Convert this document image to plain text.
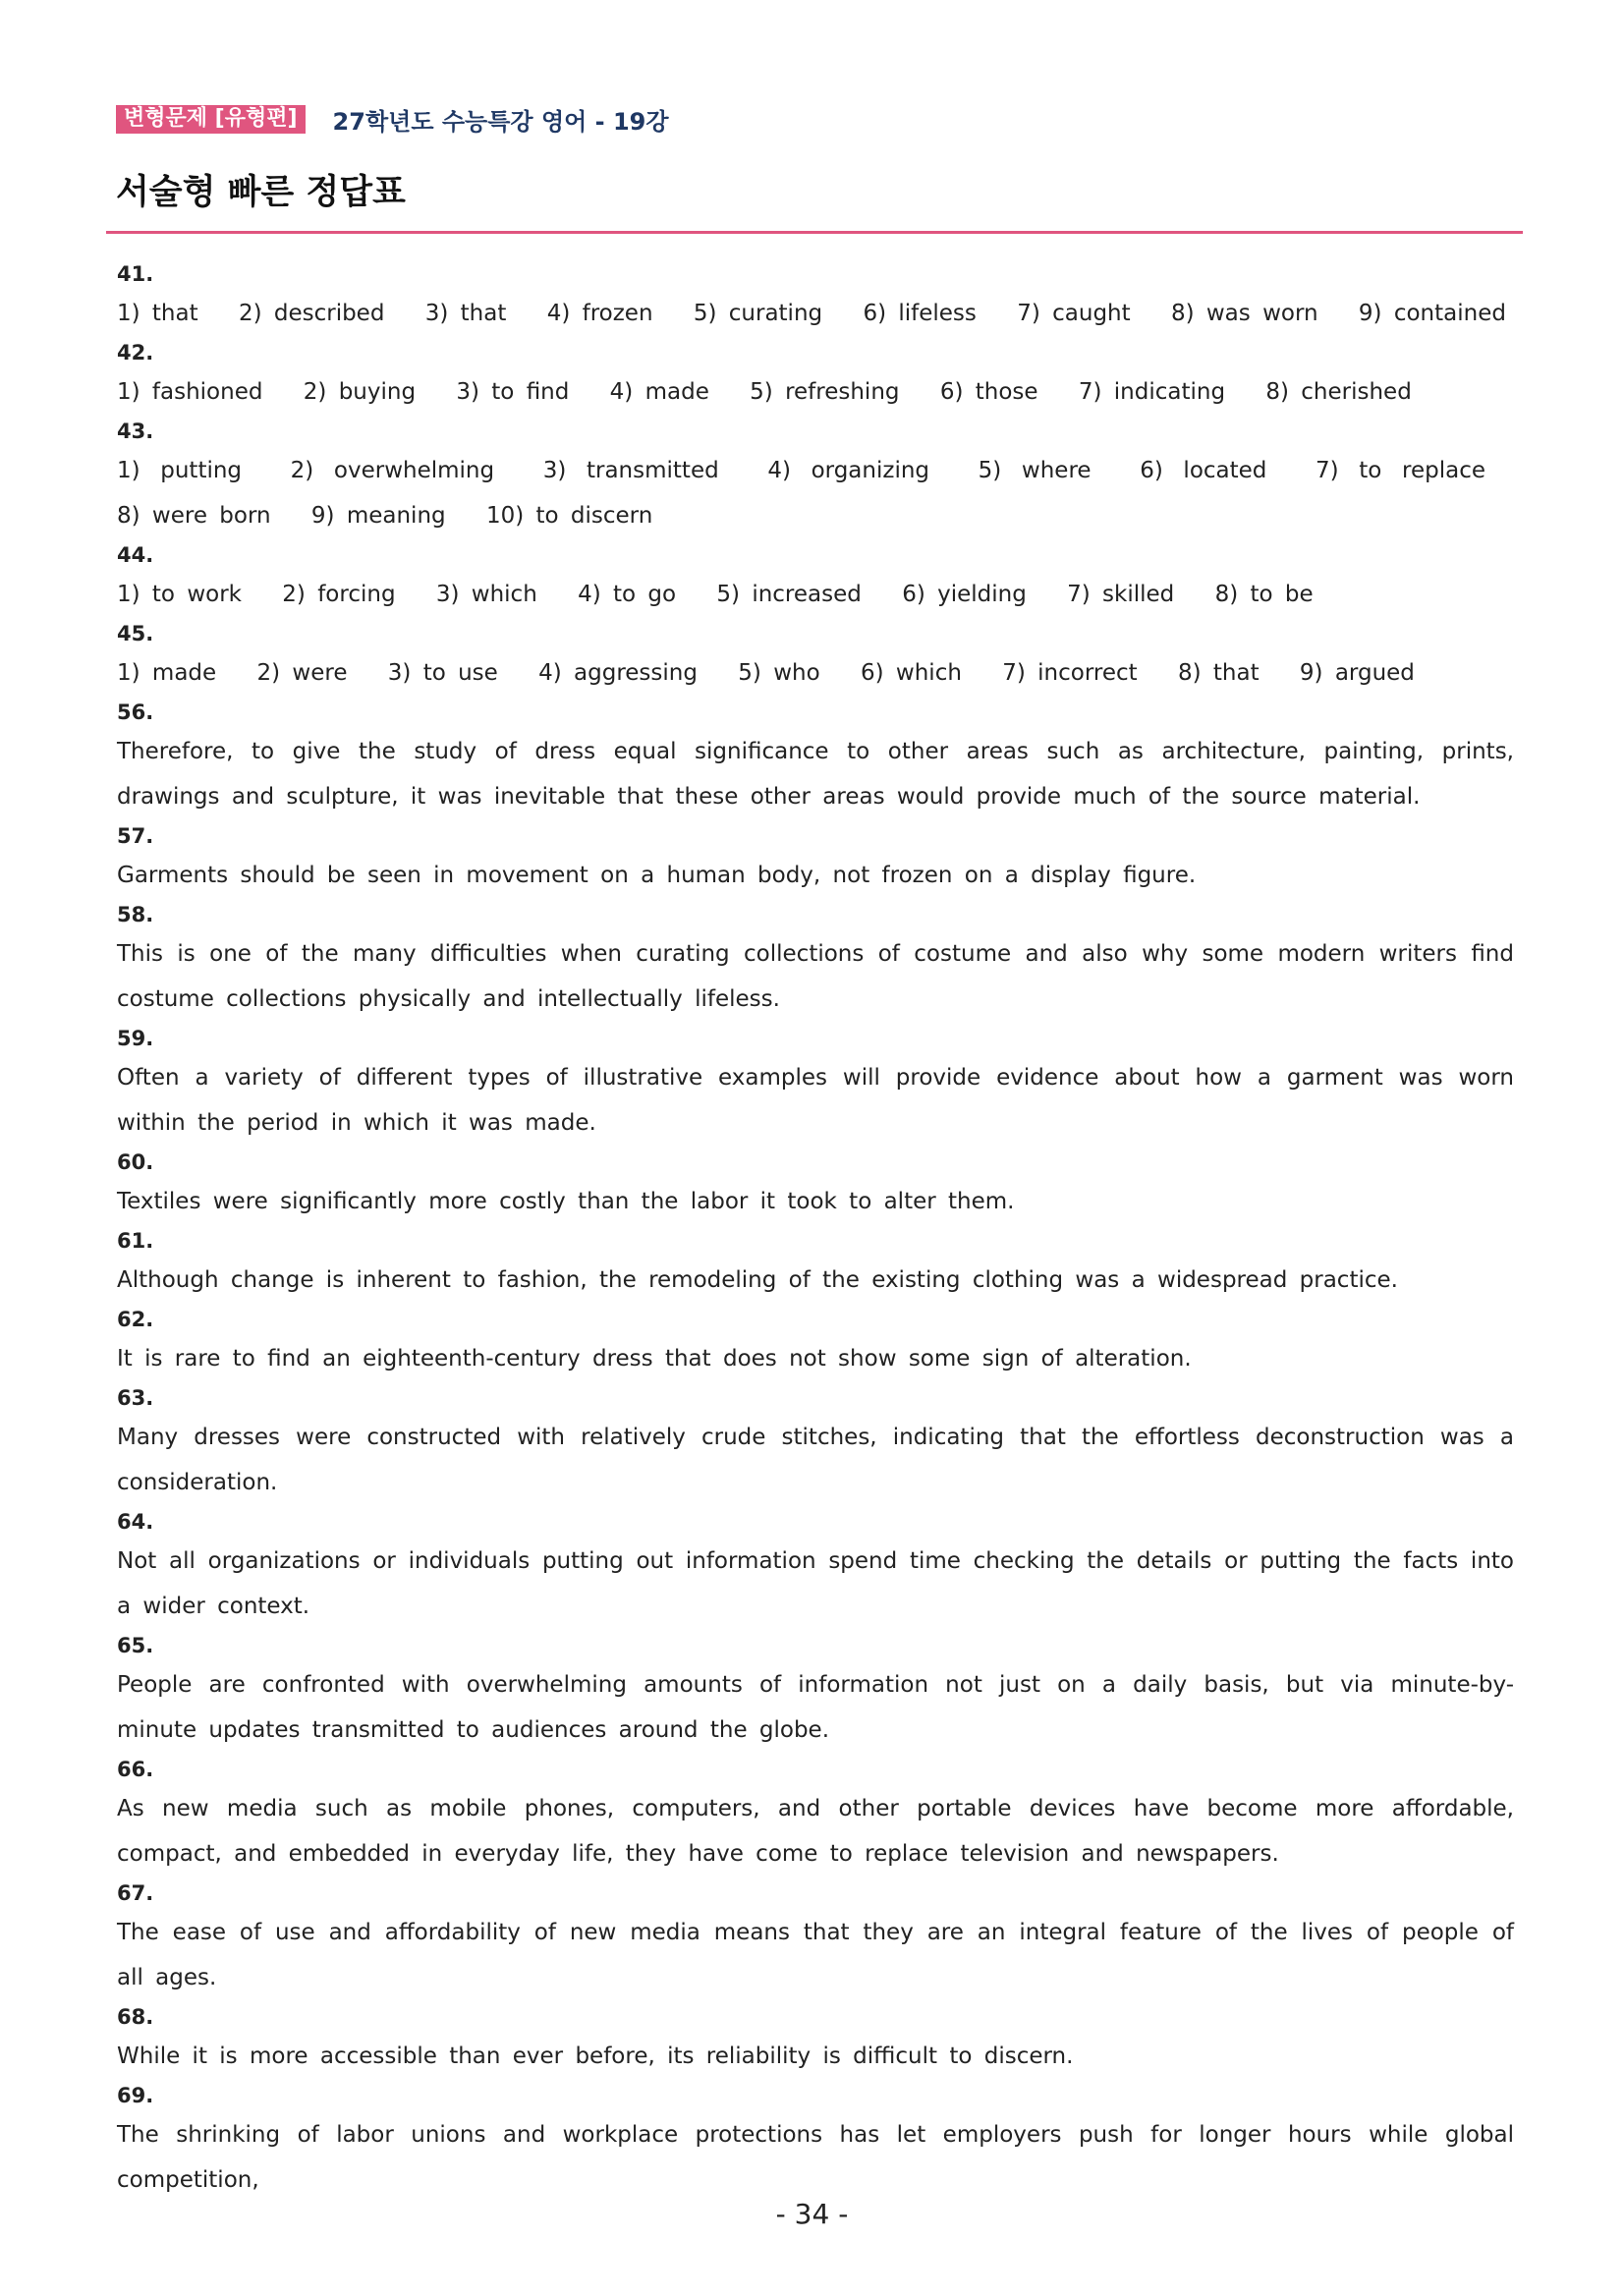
변형문제 [유형편]	27학년도 수능특강 영어 - 19강
서술형 빠른 정답표
41.
1) that 2) described 3) that 4) frozen 5) curating 6) lifeless 7) caught 8) was worn 9) contained
42.
1) fashioned 2) buying 3) to find 4) made 5) refreshing 6) those 7) indicating 8) cherished
43.
1) putting 2) overwhelming 3) transmitted 4) organizing 5) where 6) located 7) to replace 8) were born 9) meaning 10) to discern
44.
1) to work 2) forcing 3) which 4) to go 5) increased 6) yielding 7) skilled 8) to be
45.
1) made 2) were 3) to use 4) aggressing 5) who 6) which 7) incorrect 8) that 9) argued
56.
Therefore, to give the study of dress equal significance to other areas such as architecture, painting, prints, drawings and sculpture, it was inevitable that these other areas would provide much of the source material.
57.
Garments should be seen in movement on a human body, not frozen on a display figure.
58.
This is one of the many difficulties when curating collections of costume and also why some modern writers find costume collections physically and intellectually lifeless.
59.
Often a variety of different types of illustrative examples will provide evidence about how a garment was worn within the period in which it was made.
60.
Textiles were significantly more costly than the labor it took to alter them.
61.
Although change is inherent to fashion, the remodeling of the existing clothing was a widespread practice.
62.
It is rare to find an eighteenth-century dress that does not show some sign of alteration.
63.
Many dresses were constructed with relatively crude stitches, indicating that the effortless deconstruction was a consideration.
64.
Not all organizations or individuals putting out information spend time checking the details or putting the facts into a wider context.
65.
People are confronted with overwhelming amounts of information not just on a daily basis, but via minute-by-minute updates transmitted to audiences around the globe.
66.
As new media such as mobile phones, computers, and other portable devices have become more affordable, compact, and embedded in everyday life, they have come to replace television and newspapers.
67.
The ease of use and affordability of new media means that they are an integral feature of the lives of people of all ages.
68.
While it is more accessible than ever before, its reliability is difficult to discern.
69.
The shrinking of labor unions and workplace protections has let employers push for longer hours while global competition,
- 34 -
